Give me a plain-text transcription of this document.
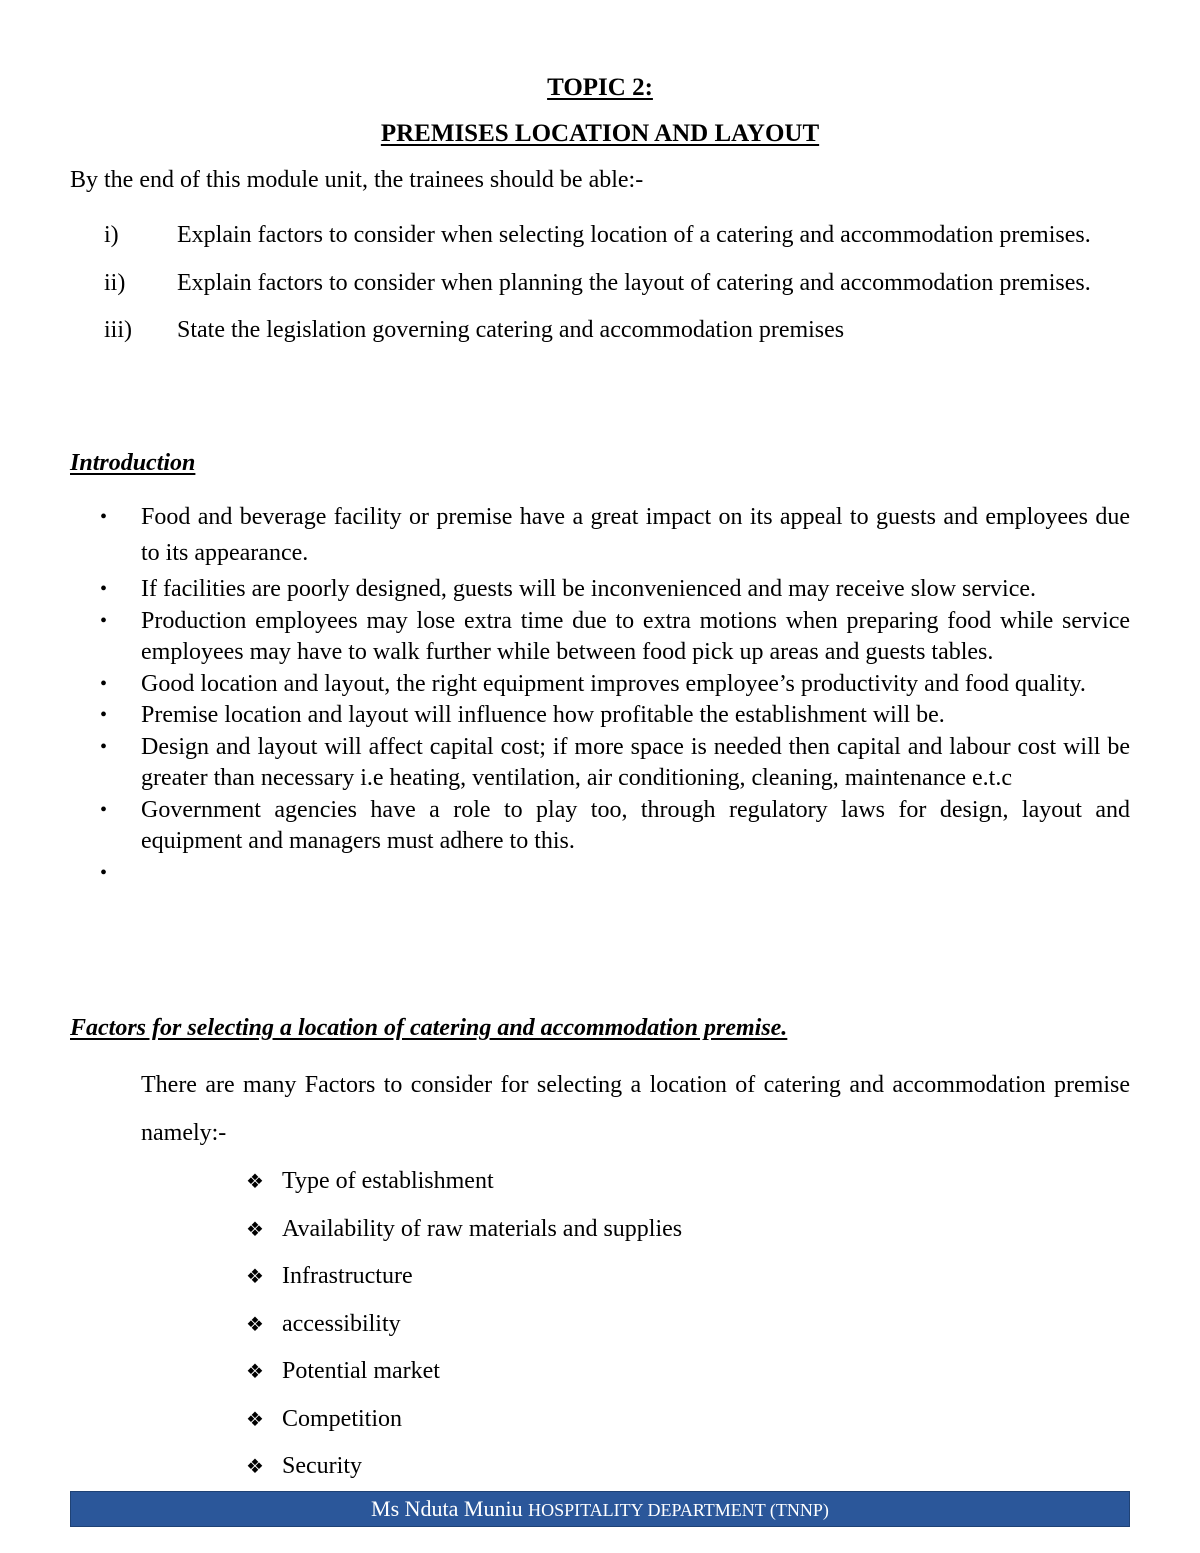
TOPIC 2:
PREMISES LOCATION AND LAYOUT
By the end of this module unit, the trainees should be able:-
i)	Explain factors to consider when selecting location of a catering and accommodation premises.
ii)	Explain factors to consider when planning the layout of catering and accommodation premises.
iii)	State the legislation governing catering and accommodation premises
Introduction
•	Food and beverage facility or premise have a great impact on its appeal to guests and employees due to its appearance.
•	If facilities are poorly designed, guests will be inconvenienced and may receive slow service.
•	Production employees may lose extra time due to extra motions when preparing food while service employees may have to walk further while between food pick up areas and guests tables.
•	Good location and layout, the right equipment improves employee’s productivity and food quality.
•	Premise location and layout will influence how profitable the establishment will be.
•	Design and layout will affect capital cost; if more space is needed then capital and labour cost will be greater than necessary i.e heating, ventilation, air conditioning, cleaning, maintenance e.t.c
•	Government agencies have a role to play too, through regulatory laws for design, layout and equipment and managers must adhere to this.
•
Factors for selecting a location of catering and accommodation premise.
There are many Factors to consider for selecting a location of catering and accommodation premise namely:-
❖ Type of establishment
❖ Availability of raw materials and supplies
❖ Infrastructure
❖ accessibility
❖ Potential market
❖ Competition
❖ Security
Ms Nduta Muniu HOSPITALITY DEPARTMENT (TNNP)
